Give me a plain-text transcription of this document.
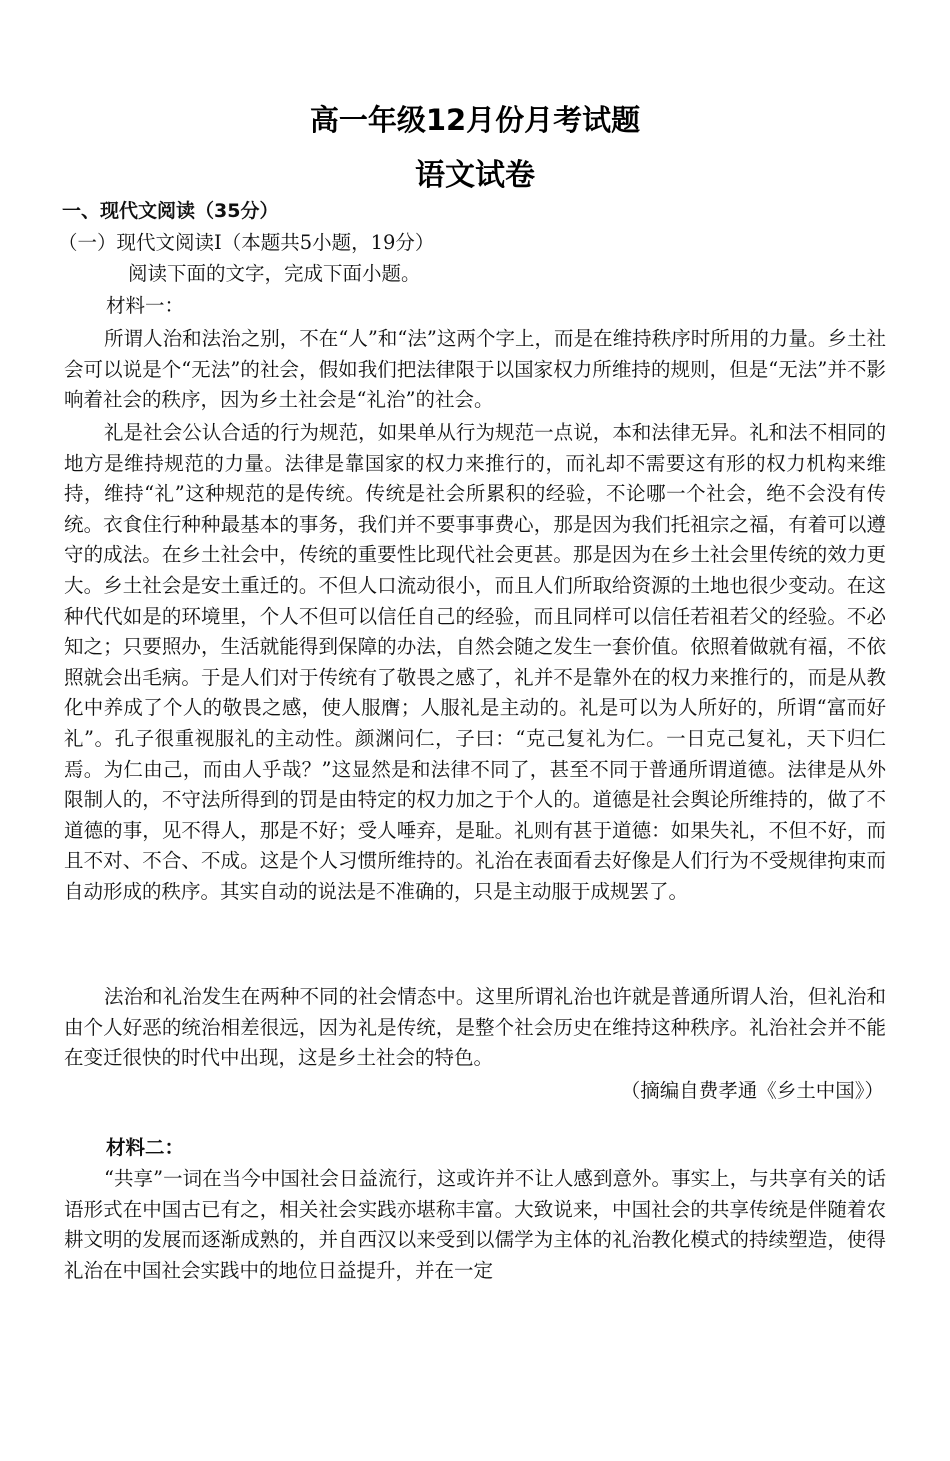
高一年级12月份月考试题
语文试卷
一、现代文阅读（35分）
（一）现代文阅读I（本题共5小题，19分）
阅读下面的文字，完成下面小题。
材料一：
所谓人治和法治之别，不在“人”和“法”这两个字上，而是在维持秩序时所用的力量。乡土社会可以说是个“无法”的社会，假如我们把法律限于以国家权力所维持的规则，但是“无法”并不影响着社会的秩序，因为乡土社会是“礼治”的社会。
礼是社会公认合适的行为规范，如果单从行为规范一点说，本和法律无异。礼和法不相同的地方是维持规范的力量。法律是靠国家的权力来推行的，而礼却不需要这有形的权力机构来维持，维持“礼”这种规范的是传统。传统是社会所累积的经验，不论哪一个社会，绝不会没有传统。衣食住行种种最基本的事务，我们并不要事事费心，那是因为我们托祖宗之福，有着可以遵守的成法。在乡土社会中，传统的重要性比现代社会更甚。那是因为在乡土社会里传统的效力更大。乡土社会是安土重迁的。不但人口流动很小，而且人们所取给资源的土地也很少变动。在这种代代如是的环境里，个人不但可以信任自己的经验，而且同样可以信任若祖若父的经验。不必知之；只要照办，生活就能得到保障的办法，自然会随之发生一套价值。依照着做就有福，不依照就会出毛病。于是人们对于传统有了敬畏之感了，礼并不是靠外在的权力来推行的，而是从教化中养成了个人的敬畏之感，使人服膺；人服礼是主动的。礼是可以为人所好的，所谓“富而好礼”。孔子很重视服礼的主动性。颜渊问仁，子曰：“克己复礼为仁。一日克己复礼，天下归仁焉。为仁由己，而由人乎哉？”这显然是和法律不同了，甚至不同于普通所谓道德。法律是从外限制人的，不守法所得到的罚是由特定的权力加之于个人的。道德是社会舆论所维持的，做了不道德的事，见不得人，那是不好；受人唾弃，是耻。礼则有甚于道德：如果失礼，不但不好，而且不对、不合、不成。这是个人习惯所维持的。礼治在表面看去好像是人们行为不受规律拘束而自动形成的秩序。其实自动的说法是不准确的，只是主动服于成规罢了。
法治和礼治发生在两种不同的社会情态中。这里所谓礼治也许就是普通所谓人治，但礼治和由个人好恶的统治相差很远，因为礼是传统，是整个社会历史在维持这种秩序。礼治社会并不能在变迁很快的时代中出现，这是乡土社会的特色。
（摘编自费孝通《乡土中国》）
材料二：
“共享”一词在当今中国社会日益流行，这或许并不让人感到意外。事实上，与共享有关的话语形式在中国古已有之，相关社会实践亦堪称丰富。大致说来，中国社会的共享传统是伴随着农耕文明的发展而逐渐成熟的，并自西汉以来受到以儒学为主体的礼治教化模式的持续塑造，使得礼治在中国社会实践中的地位日益提升，并在一定
